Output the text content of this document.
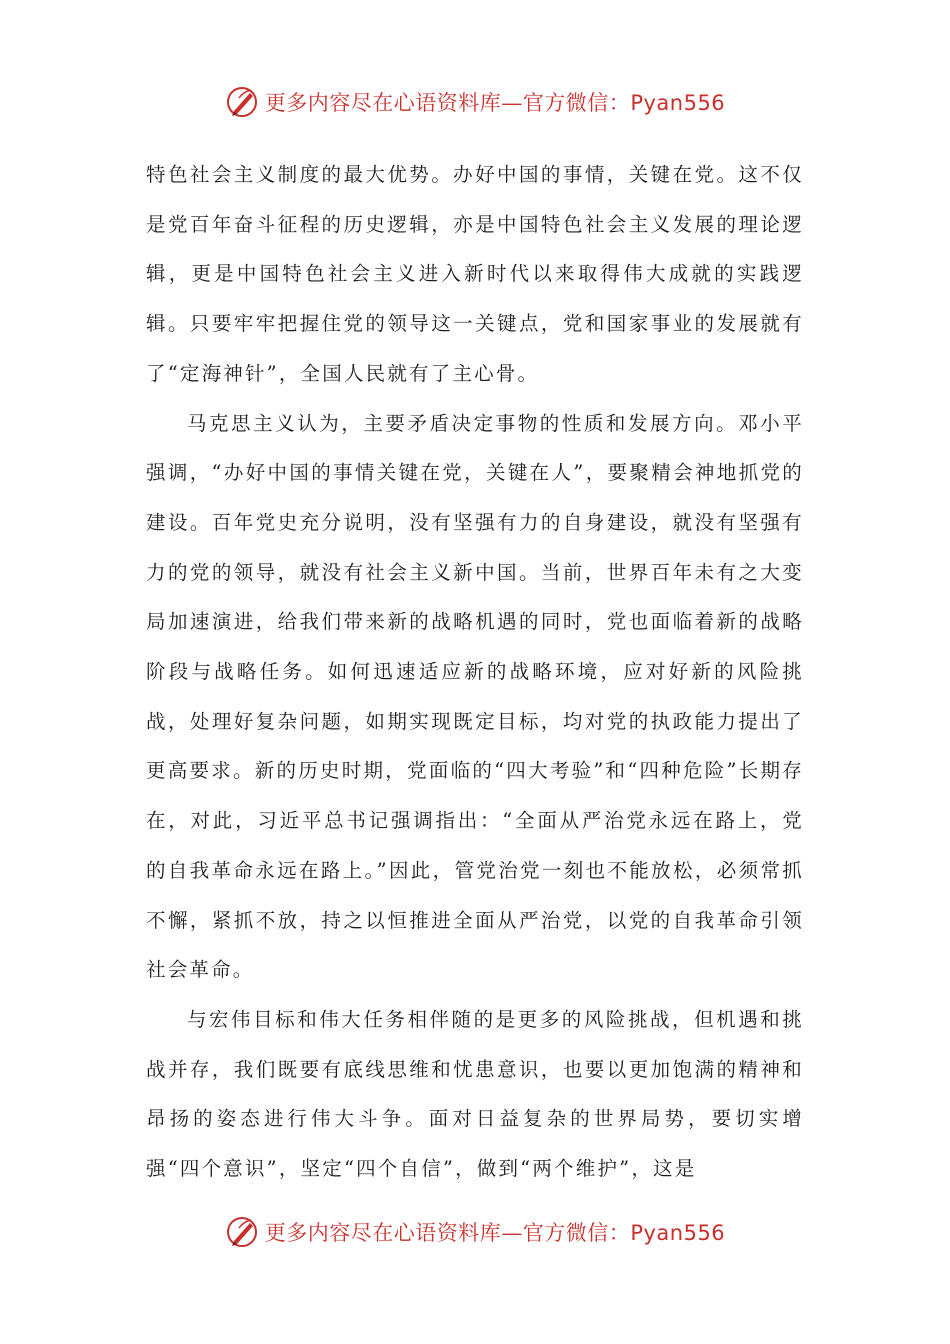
更多内容尽在心语资料库—官方微信：Pyan556

特色社会主义制度的最大优势。办好中国的事情，关键在党。这不仅是党百年奋斗征程的历史逻辑，亦是中国特色社会主义发展的理论逻辑，更是中国特色社会主义进入新时代以来取得伟大成就的实践逻辑。只要牢牢把握住党的领导这一关键点，党和国家事业的发展就有了“定海神针”，全国人民就有了主心骨。

马克思主义认为，主要矛盾决定事物的性质和发展方向。邓小平强调，“办好中国的事情关键在党，关键在人”，要聚精会神地抓党的建设。百年党史充分说明，没有坚强有力的自身建设，就没有坚强有力的党的领导，就没有社会主义新中国。当前，世界百年未有之大变局加速演进，给我们带来新的战略机遇的同时，党也面临着新的战略阶段与战略任务。如何迅速适应新的战略环境，应对好新的风险挑战，处理好复杂问题，如期实现既定目标，均对党的执政能力提出了更高要求。新的历史时期，党面临的“四大考验”和“四种危险”长期存在，对此，习近平总书记强调指出：“全面从严治党永远在路上，党的自我革命永远在路上。”因此，管党治党一刻也不能放松，必须常抓不懈，紧抓不放，持之以恒推进全面从严治党，以党的自我革命引领社会革命。

与宏伟目标和伟大任务相伴随的是更多的风险挑战，但机遇和挑战并存，我们既要有底线思维和忧患意识，也要以更加饱满的精神和昂扬的姿态进行伟大斗争。面对日益复杂的世界局势，要切实增强“四个意识”，坚定“四个自信”，做到“两个维护”，这是

更多内容尽在心语资料库—官方微信：Pyan556
